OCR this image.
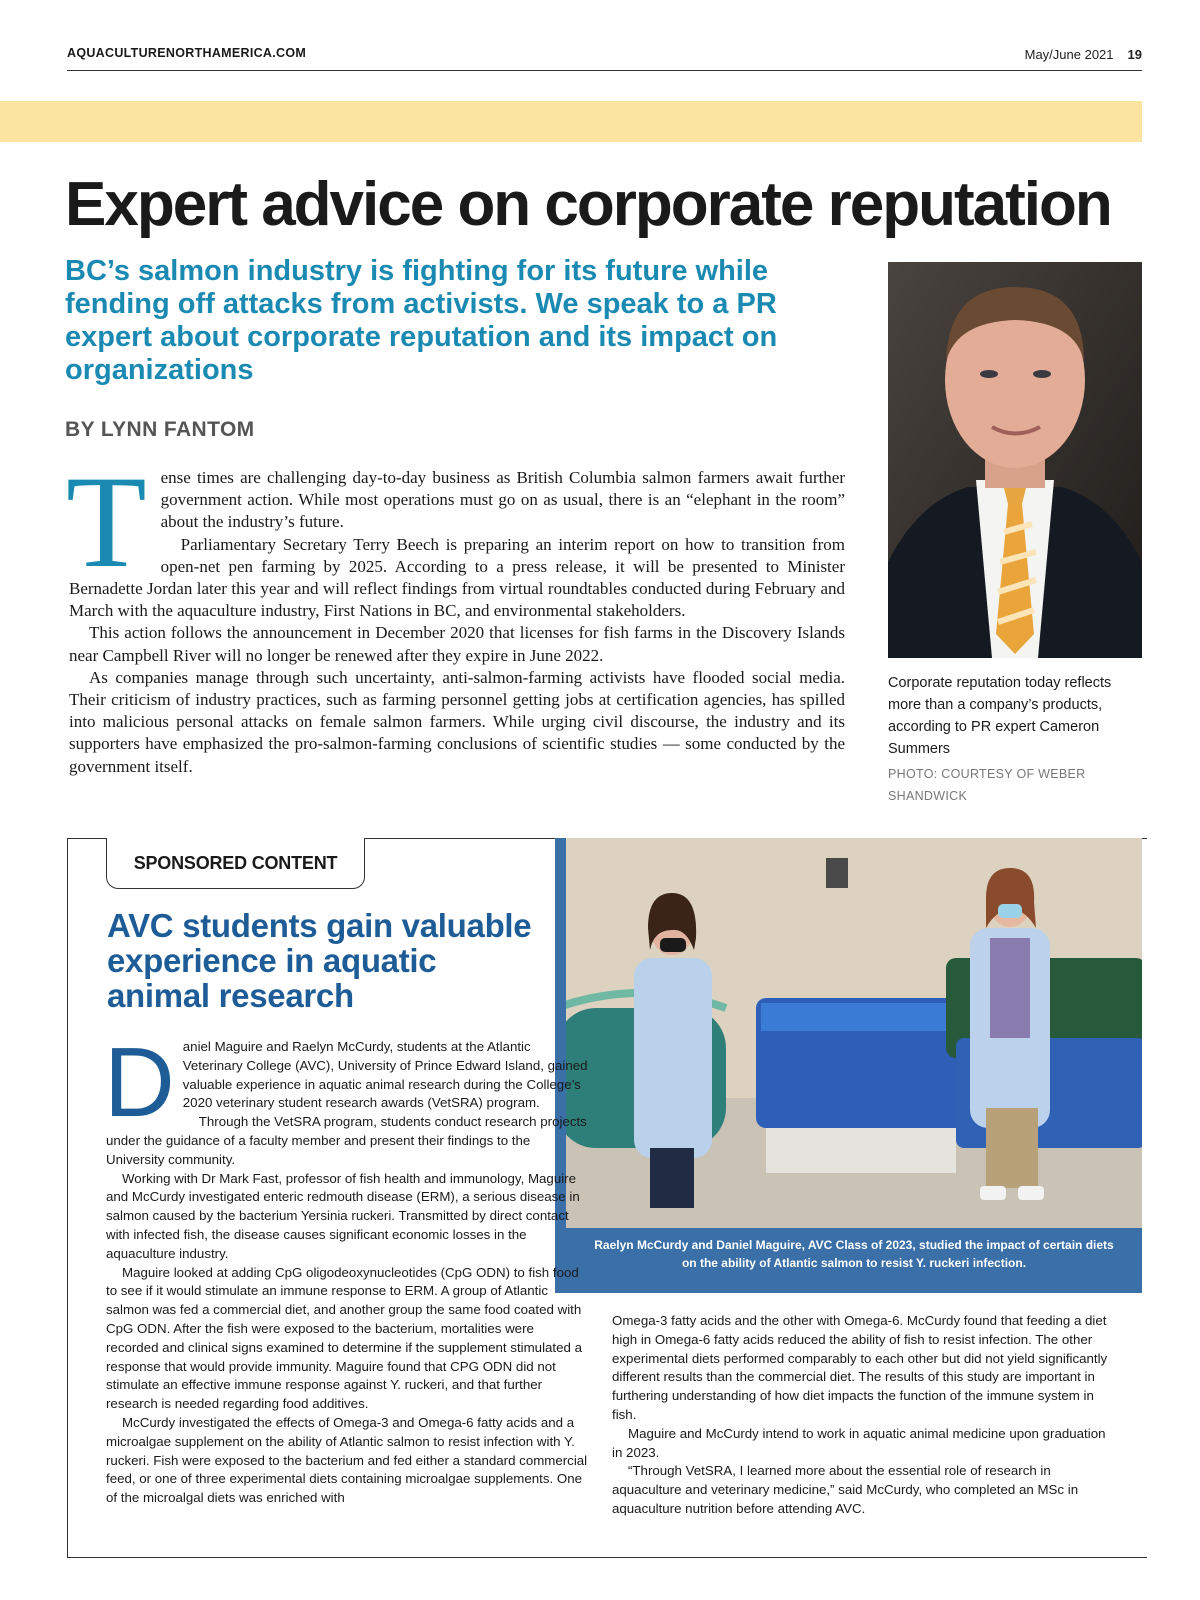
AQUACULTURENORTHAMERICA.COM	May/June 2021 19
Expert advice on corporate reputation
BC’s salmon industry is fighting for its future while fending off attacks from activists. We speak to a PR expert about corporate reputation and its impact on organizations
BY LYNN FANTOM
T ense times are challenging day-to-day business as British Columbia salmon farmers await further government action. While most operations must go on as usual, there is an “elephant in the room” about the industry’s future.

Parliamentary Secretary Terry Beech is preparing an interim report on how to transition from open-net pen farming by 2025. According to a press release, it will be presented to Minister Bernadette Jordan later this year and will reflect findings from virtual roundtables conducted during February and March with the aquaculture industry, First Nations in BC, and environmental stakeholders.

This action follows the announcement in December 2020 that licenses for fish farms in the Discovery Islands near Campbell River will no longer be renewed after they expire in June 2022.

As companies manage through such uncertainty, anti-salmon-farming activists have flooded social media. Their criticism of industry practices, such as farming personnel getting jobs at certification agencies, has spilled into malicious personal attacks on female salmon farmers. While urging civil discourse, the industry and its supporters have emphasized the pro-salmon-farming conclusions of scientific studies — some conducted by the government itself.

Corporate reputation today reflects more than a company’s products, according to PR expert Cameron Summers
PHOTO: COURTESY OF WEBER SHANDWICK
Raelyn McCurdy and Daniel Maguire, AVC Class of 2023, studied the impact of certain diets on the ability of Atlantic salmon to resist Y. ruckeri infection.
SPONSORED CONTENT
AVC students gain valuable experience in aquatic animal research
D aniel Maguire and Raelyn McCurdy, students at the Atlantic Veterinary College (AVC), University of Prince Edward Island, gained valuable experience in aquatic animal research during the College’s 2020 veterinary student research awards (VetSRA) program.

Through the VetSRA program, students conduct research projects under the guidance of a faculty member and present their findings to the University community.

Working with Dr Mark Fast, professor of fish health and immunology, Maguire and McCurdy investigated enteric redmouth disease (ERM), a serious disease in salmon caused by the bacterium Yersinia ruckeri. Transmitted by direct contact with infected fish, the disease causes significant economic losses in the aquaculture industry.

Maguire looked at adding CpG oligodeoxynucleotides (CpG ODN) to fish food to see if it would stimulate an immune response to ERM. A group of Atlantic salmon was fed a commercial diet, and another group the same food coated with CpG ODN. After the fish were exposed to the bacterium, mortalities were recorded and clinical signs examined to determine if the supplement stimulated a response that would provide immunity. Maguire found that CPG ODN did not stimulate an effective immune response against Y. ruckeri, and that further research is needed regarding food additives.

McCurdy investigated the effects of Omega-3 and Omega-6 fatty acids and a microalgae supplement on the ability of Atlantic salmon to resist infection with Y. ruckeri. Fish were exposed to the bacterium and fed either a standard commercial feed, or one of three experimental diets containing microalgae supplements. One of the microalgal diets was enriched with

Omega-3 fatty acids and the other with Omega-6. McCurdy found that feeding a diet high in Omega-6 fatty acids reduced the ability of fish to resist infection. The other experimental diets performed comparably to each other but did not yield significantly different results than the commercial diet. The results of this study are important in furthering understanding of how diet impacts the function of the immune system in fish.

Maguire and McCurdy intend to work in aquatic animal medicine upon graduation in 2023.

“Through VetSRA, I learned more about the essential role of research in aquaculture and veterinary medicine,” said McCurdy, who completed an MSc in aquaculture nutrition before attending AVC.
